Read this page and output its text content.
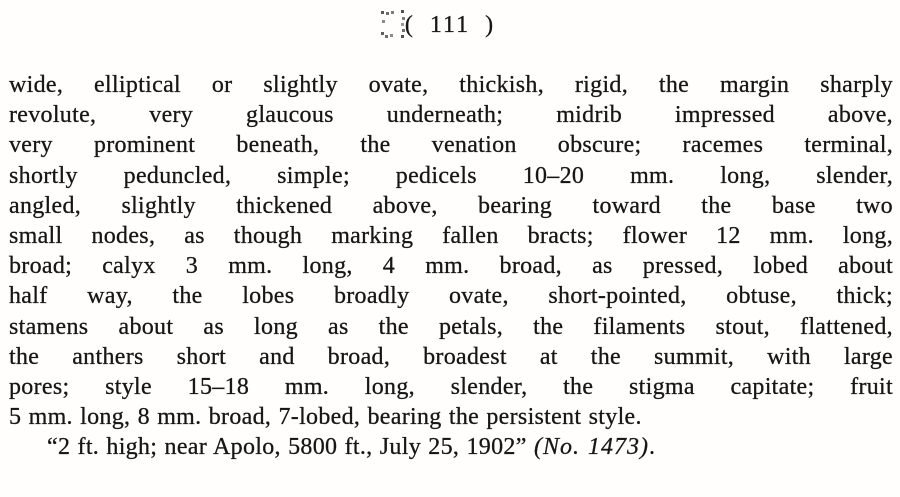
( 111 )
wide, elliptical or slightly ovate, thickish, rigid, the margin sharply
revolute, very glaucous underneath; midrib impressed above,
very prominent beneath, the venation obscure; racemes terminal,
shortly peduncled, simple; pedicels 10–20 mm. long, slender,
angled, slightly thickened above, bearing toward the base two
small nodes, as though marking fallen bracts; flower 12 mm. long,
broad; calyx 3 mm. long, 4 mm. broad, as pressed, lobed about
half way, the lobes broadly ovate, short-pointed, obtuse, thick;
stamens about as long as the petals, the filaments stout, flattened,
the anthers short and broad, broadest at the summit, with large
pores; style 15–18 mm. long, slender, the stigma capitate; fruit
5 mm. long, 8 mm. broad, 7-lobed, bearing the persistent style.
“2 ft. high; near Apolo, 5800 ft., July 25, 1902” (No. 1473).
